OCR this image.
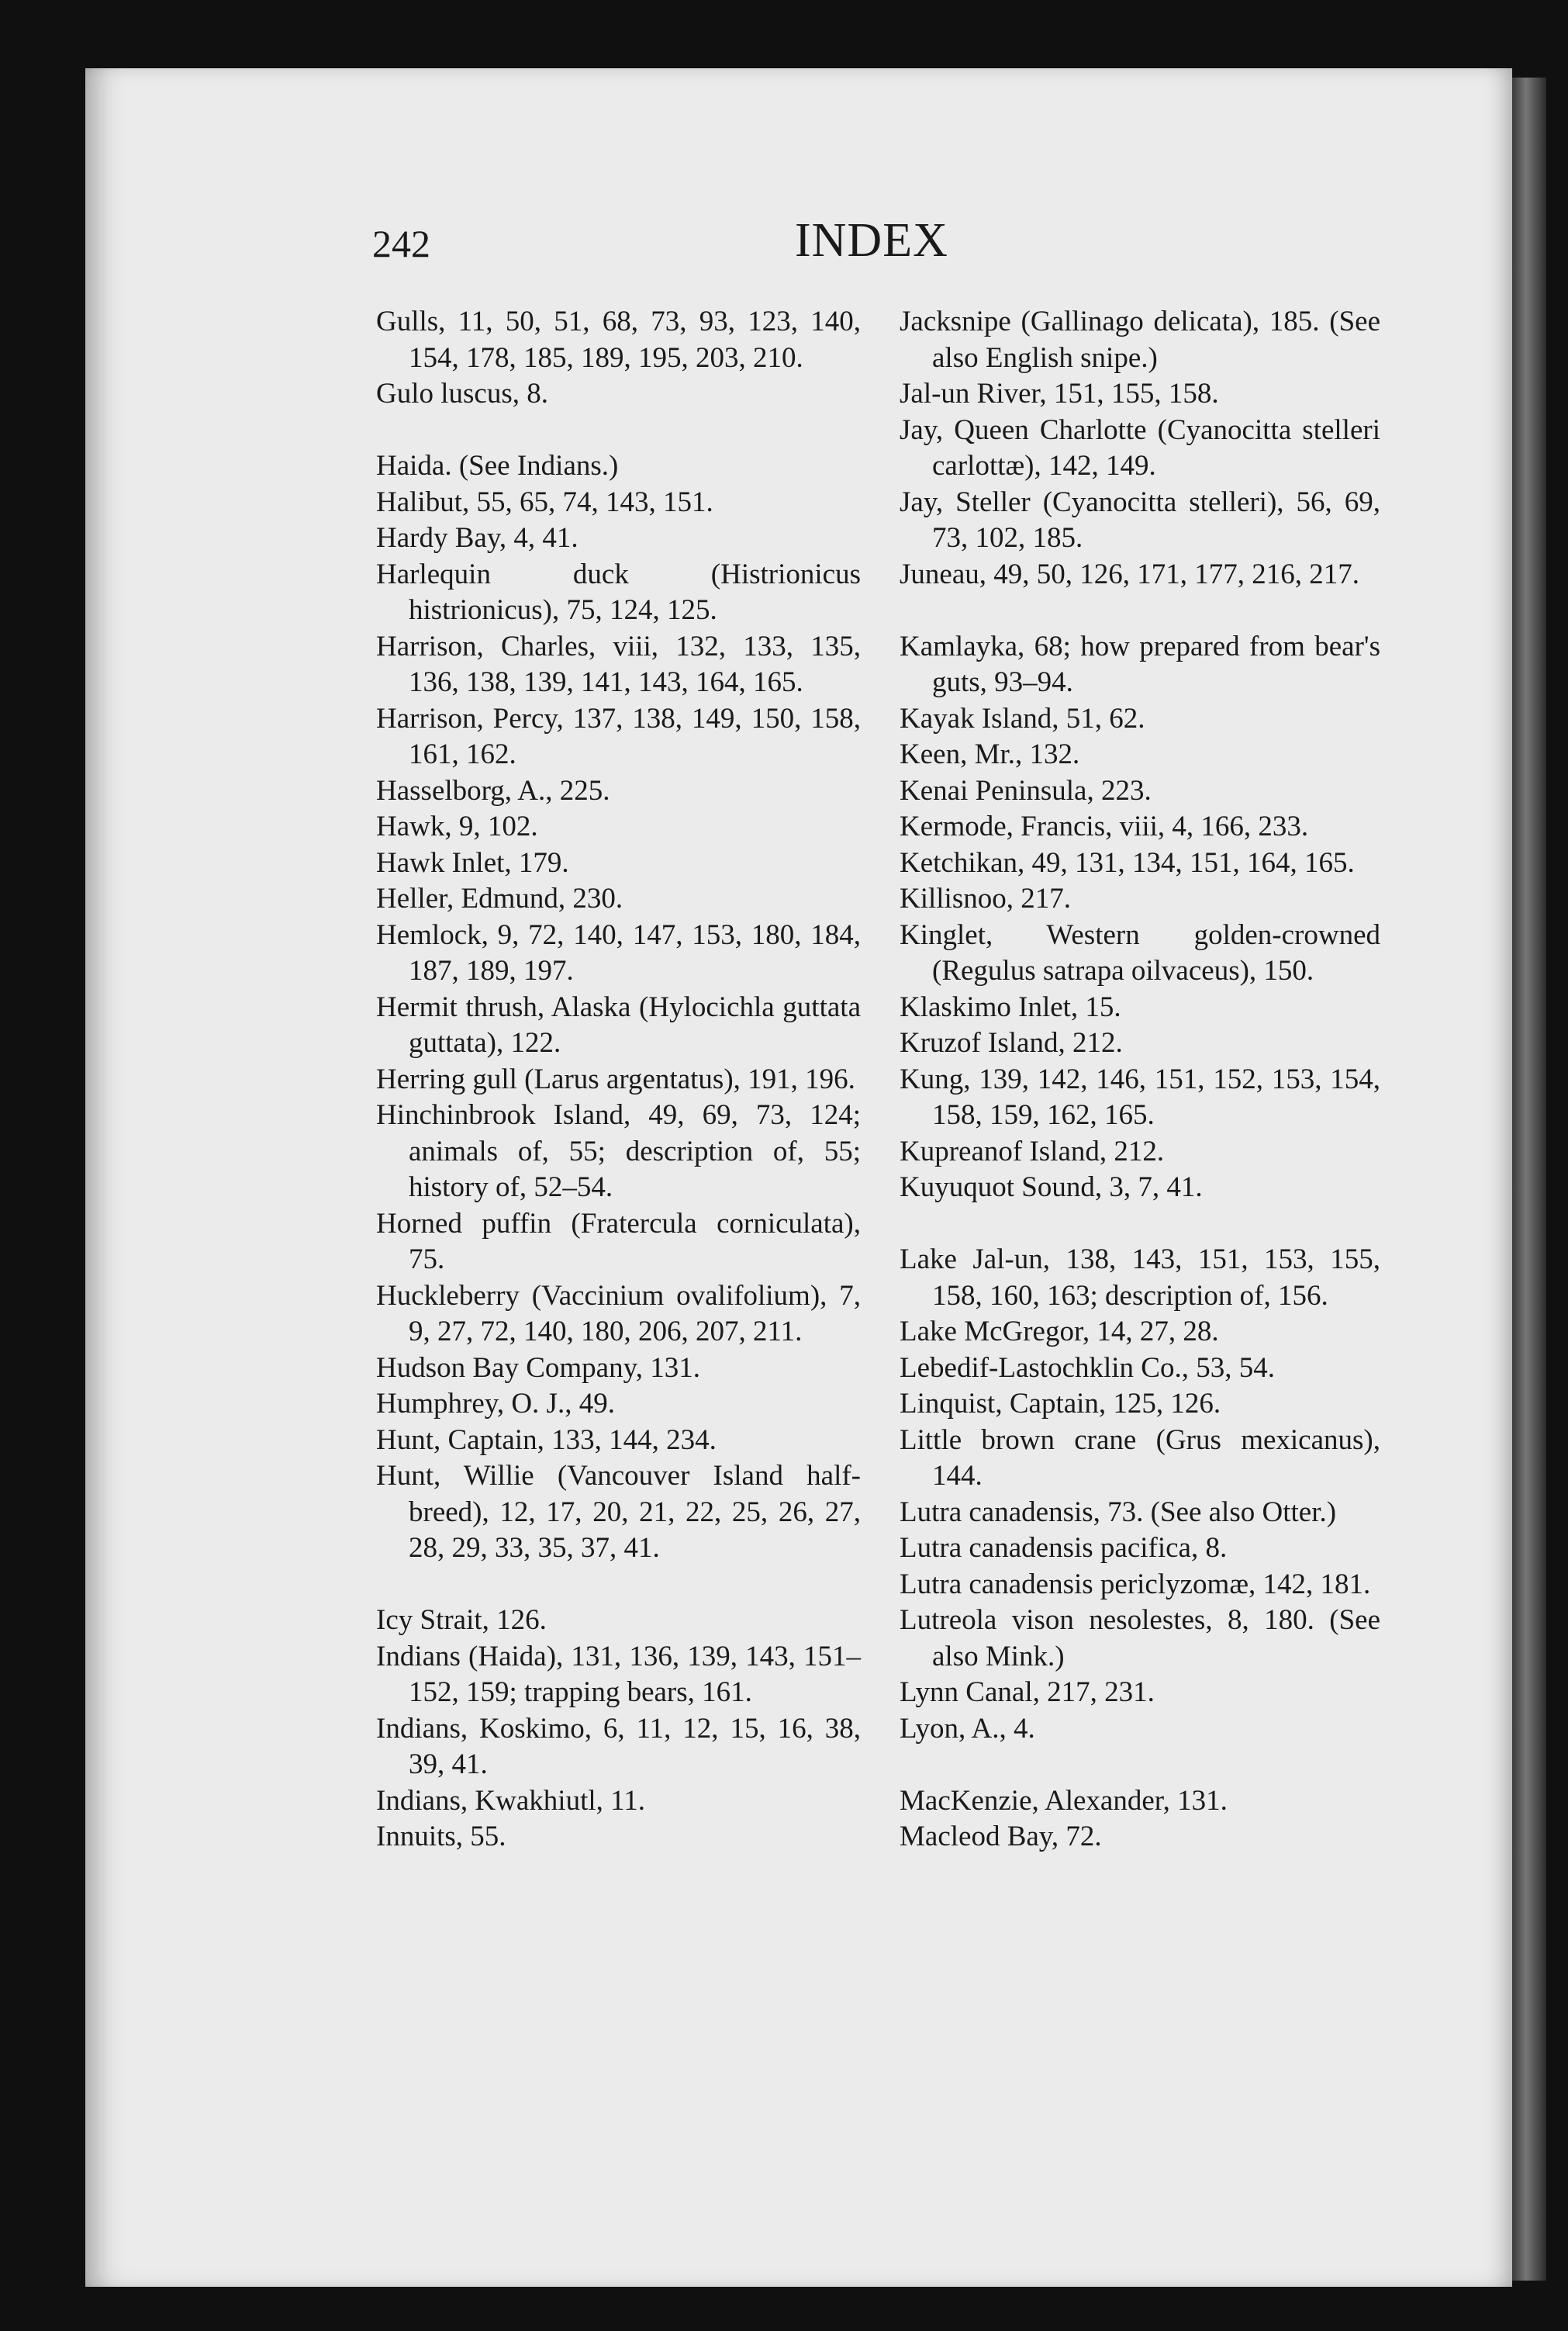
242	INDEX

Gulls, 11, 50, 51, 68, 73, 93, 123, 140, 154, 178, 185, 189, 195, 203, 210.

Gulo luscus, 8.

Haida. (See Indians.)

Halibut, 55, 65, 74, 143, 151.

Hardy Bay, 4, 41.

Harlequin duck (Histrionicus histrionicus), 75, 124, 125.

Harrison, Charles, viii, 132, 133, 135, 136, 138, 139, 141, 143, 164, 165.

Harrison, Percy, 137, 138, 149, 150, 158, 161, 162.

Hasselborg, A., 225.

Hawk, 9, 102.

Hawk Inlet, 179.

Heller, Edmund, 230.

Hemlock, 9, 72, 140, 147, 153, 180, 184, 187, 189, 197.

Hermit thrush, Alaska (Hylocichla guttata guttata), 122.

Herring gull (Larus argentatus), 191, 196.

Hinchinbrook Island, 49, 69, 73, 124; animals of, 55; description of, 55; history of, 52–54.

Horned puffin (Fratercula corniculata), 75.

Huckleberry (Vaccinium ovalifolium), 7, 9, 27, 72, 140, 180, 206, 207, 211.

Hudson Bay Company, 131.

Humphrey, O. J., 49.

Hunt, Captain, 133, 144, 234.

Hunt, Willie (Vancouver Island half-breed), 12, 17, 20, 21, 22, 25, 26, 27, 28, 29, 33, 35, 37, 41.

Icy Strait, 126.

Indians (Haida), 131, 136, 139, 143, 151–152, 159; trapping bears, 161.

Indians, Koskimo, 6, 11, 12, 15, 16, 38, 39, 41.

Indians, Kwakhiutl, 11.

Innuits, 55.

Jacksnipe (Gallinago delicata), 185. (See also English snipe.)

Jal-un River, 151, 155, 158.

Jay, Queen Charlotte (Cyanocitta stelleri carlottæ), 142, 149.

Jay, Steller (Cyanocitta stelleri), 56, 69, 73, 102, 185.

Juneau, 49, 50, 126, 171, 177, 216, 217.

Kamlayka, 68; how prepared from bear's guts, 93–94.

Kayak Island, 51, 62.

Keen, Mr., 132.

Kenai Peninsula, 223.

Kermode, Francis, viii, 4, 166, 233.

Ketchikan, 49, 131, 134, 151, 164, 165.

Killisnoo, 217.

Kinglet, Western golden-crowned (Regulus satrapa oilvaceus), 150.

Klaskimo Inlet, 15.

Kruzof Island, 212.

Kung, 139, 142, 146, 151, 152, 153, 154, 158, 159, 162, 165.

Kupreanof Island, 212.

Kuyuquot Sound, 3, 7, 41.

Lake Jal-un, 138, 143, 151, 153, 155, 158, 160, 163; description of, 156.

Lake McGregor, 14, 27, 28.

Lebedif-Lastochklin Co., 53, 54.

Linquist, Captain, 125, 126.

Little brown crane (Grus mexicanus), 144.

Lutra canadensis, 73. (See also Otter.)

Lutra canadensis pacifica, 8.

Lutra canadensis periclyzomæ, 142, 181.

Lutreola vison nesolestes, 8, 180. (See also Mink.)

Lynn Canal, 217, 231.

Lyon, A., 4.

MacKenzie, Alexander, 131.

Macleod Bay, 72.
